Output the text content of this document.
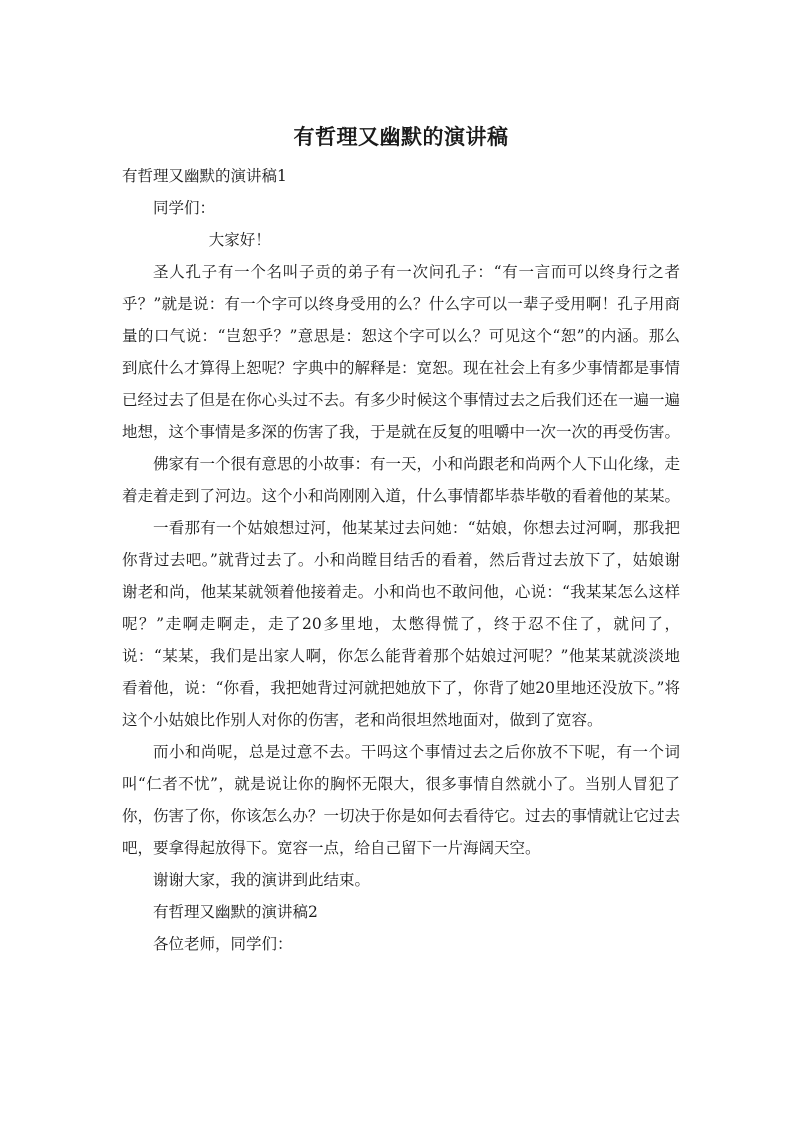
有哲理又幽默的演讲稿

有哲理又幽默的演讲稿1

同学们：

大家好！

圣人孔子有一个名叫子贡的弟子有一次问孔子：“有一言而可以终身行之者乎？”就是说：有一个字可以终身受用的么？什么字可以一辈子受用啊！孔子用商量的口气说：“岂恕乎？”意思是：恕这个字可以么？可见这个“恕”的内涵。那么到底什么才算得上恕呢？字典中的解释是：宽恕。现在社会上有多少事情都是事情已经过去了但是在你心头过不去。有多少时候这个事情过去之后我们还在一遍一遍地想，这个事情是多深的伤害了我，于是就在反复的咀嚼中一次一次的再受伤害。

佛家有一个很有意思的小故事：有一天，小和尚跟老和尚两个人下山化缘，走着走着走到了河边。这个小和尚刚刚入道，什么事情都毕恭毕敬的看着他的某某。

一看那有一个姑娘想过河，他某某过去问她：“姑娘，你想去过河啊，那我把你背过去吧。”就背过去了。小和尚瞠目结舌的看着，然后背过去放下了，姑娘谢谢老和尚，他某某就领着他接着走。小和尚也不敢问他，心说：“我某某怎么这样呢？”走啊走啊走，走了20多里地，太憋得慌了，终于忍不住了，就问了，说：“某某，我们是出家人啊，你怎么能背着那个姑娘过河呢？”他某某就淡淡地看着他，说：“你看，我把她背过河就把她放下了，你背了她20里地还没放下。”将这个小姑娘比作别人对你的伤害，老和尚很坦然地面对，做到了宽容。

而小和尚呢，总是过意不去。干吗这个事情过去之后你放不下呢，有一个词叫“仁者不忧”，就是说让你的胸怀无限大，很多事情自然就小了。当别人冒犯了你，伤害了你，你该怎么办？一切决于你是如何去看待它。过去的事情就让它过去吧，要拿得起放得下。宽容一点，给自己留下一片海阔天空。

谢谢大家，我的演讲到此结束。

有哲理又幽默的演讲稿2

各位老师，同学们：
